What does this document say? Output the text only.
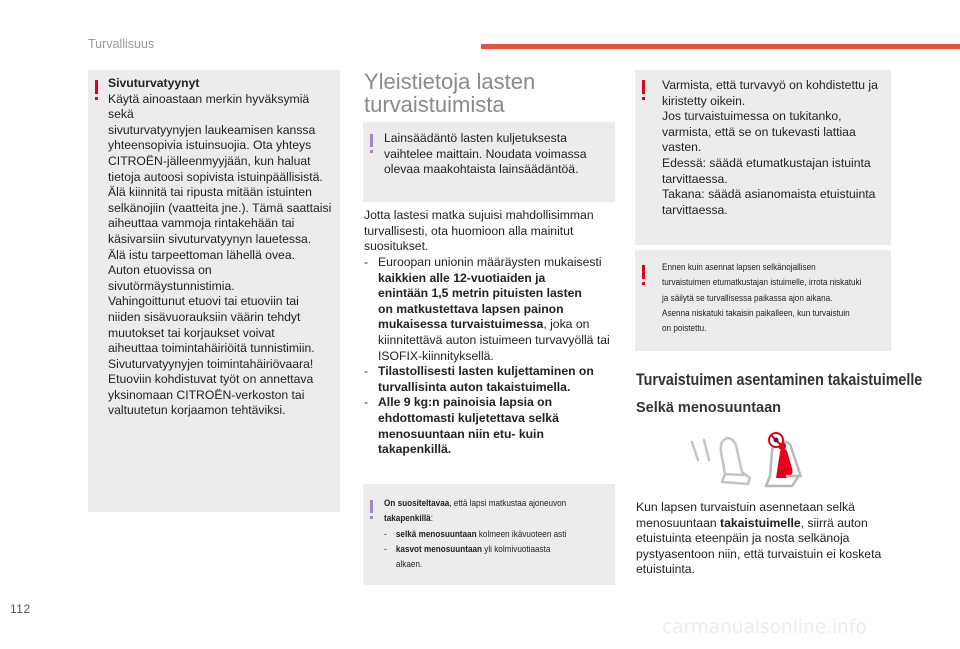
Turvallisuus

Sivuturvatyynyt

Käytä ainoastaan merkin hyväksymiä sekä

sivuturvatyynyjen laukeamisen kanssa

yhteensopivia istuinsuojia. Ota yhteys

CITROËN-jälleenmyyjään, kun haluat

tietoja autoosi sopivista istuinpäällisistä.

Älä kiinnitä tai ripusta mitään istuinten

selkänojiin (vaatteita jne.). Tämä saattaisi

aiheuttaa vammoja rintakehään tai

käsivarsiin sivuturvatyynyn lauetessa.

Älä istu tarpeettoman lähellä ovea.

Auton etuovissa on

sivutörmäystunnistimia.

Vahingoittunut etuovi tai etuoviin tai

niiden sisävuorauksiin väärin tehdyt

muutokset tai korjaukset voivat

aiheuttaa toimintahäiriöitä tunnistimiin.

Sivuturvatyynyjen toimintahäiriövaara!

Etuoviin kohdistuvat työt on annettava

yksinomaan CITROËN-verkoston tai

valtuutetun korjaamon tehtäviksi.

Yleistietoja lasten
turvaistuimista

Lainsäädäntö lasten kuljetuksesta

vaihtelee maittain. Noudata voimassa

olevaa maakohtaista lainsäädäntöä.

Jotta lastesi matka sujuisi mahdollisimman

turvallisesti, ota huomioon alla mainitut

suositukset.

- Euroopan unionin määräysten mukaisesti

kaikkien alle 12-vuotiaiden ja

enintään 1,5 metrin pituisten lasten

on matkustettava lapsen painon

mukaisessa turvaistuimessa, joka on

kiinnitettävä auton istuimeen turvavyöllä tai

ISOFIX-kiinnityksellä.

- Tilastollisesti lasten kuljettaminen on

turvallisinta auton takaistuimella.

- Alle 9 kg:n painoisia lapsia on

ehdottomasti kuljetettava selkä

menosuuntaan niin etu- kuin

takapenkillä.

On suositeltavaa, että lapsi matkustaa ajoneuvon

takapenkillä:

- selkä menosuuntaan kolmeen ikävuoteen asti

- kasvot menosuuntaan yli kolmivuotiaasta

alkaen.

Varmista, että turvavyö on kohdistettu ja

kiristetty oikein.

Jos turvaistuimessa on tukitanko,

varmista, että se on tukevasti lattiaa

vasten.

Edessä: säädä etumatkustajan istuinta

tarvittaessa.

Takana: säädä asianomaista etuistuinta

tarvittaessa.

Ennen kuin asennat lapsen selkänojallisen

turvaistuimen etumatkustajan istuimelle, irrota niskatuki

ja säilytä se turvallisessa paikassa ajon aikana.

Asenna niskatuki takaisin paikalleen, kun turvaistuin

on poistettu.

Turvaistuimen asentaminen takaistuimelle
Selkä menosuuntaan

Kun lapsen turvaistuin asennetaan selkä

menosuuntaan takaistuimelle, siirrä auton

etuistuinta eteenpäin ja nosta selkänoja

pystyasentoon niin, että turvaistuin ei kosketa

etuistuinta.

112
carmanualsonline.info
